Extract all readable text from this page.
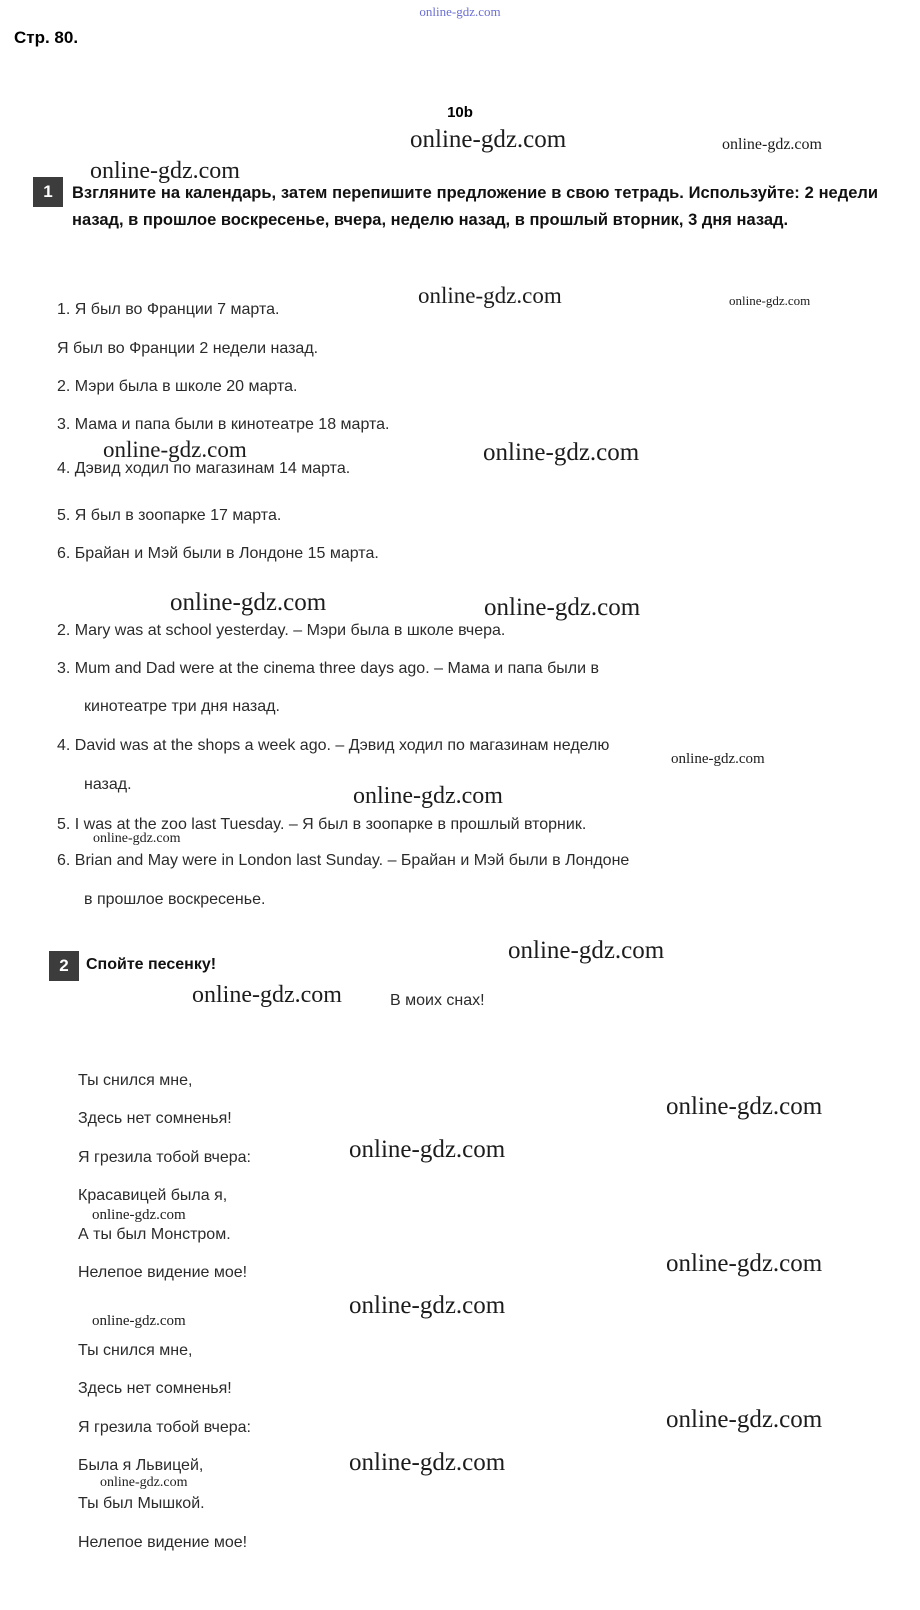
online-gdz.com
Стр. 80.
10b
1	Взгляните на календарь, затем перепишите предложение в свою тетрадь. Используйте: 2 недели назад, в прошлое воскресенье, вчера, неделю назад, в прошлый вторник, 3 дня назад.
1. Я был во Франции 7 марта.
Я был во Франции 2 недели назад.
2. Мэри была в школе 20 марта.
3. Мама и папа были в кинотеатре 18 марта.
4. Дэвид ходил по магазинам 14 марта.
5. Я был в зоопарке 17 марта.
6. Брайан и Мэй были в Лондоне 15 марта.
2. Mary was at school yesterday. – Мэри была в школе вчера.
3. Mum and Dad were at the cinema three days ago. – Мама и папа были в
кинотеатре три дня назад.
4. David was at the shops a week ago. – Дэвид ходил по магазинам неделю
назад.
5. I was at the zoo last Tuesday. – Я был в зоопарке в прошлый вторник.
6. Brian and May were in London last Sunday. – Брайан и Мэй были в Лондоне
в прошлое воскресенье.
2	Спойте песенку!
В моих снах!
Ты снился мне,
Здесь нет сомненья!
Я грезила тобой вчера:
Красавицей была я,
А ты был Монстром.
Нелепое видение мое!
Ты снился мне,
Здесь нет сомненья!
Я грезила тобой вчера:
Была я Львицей,
Ты был Мышкой.
Нелепое видение мое!
online-gdz.com	online-gdz.com
online-gdz.com
online-gdz.com	online-gdz.com
online-gdz.com	online-gdz.com
online-gdz.com	online-gdz.com
online-gdz.com
online-gdz.com
online-gdz.com
online-gdz.com
online-gdz.com
online-gdz.com
online-gdz.com
online-gdz.com
online-gdz.com
online-gdz.com
online-gdz.com
online-gdz.com
online-gdz.com
online-gdz.com
